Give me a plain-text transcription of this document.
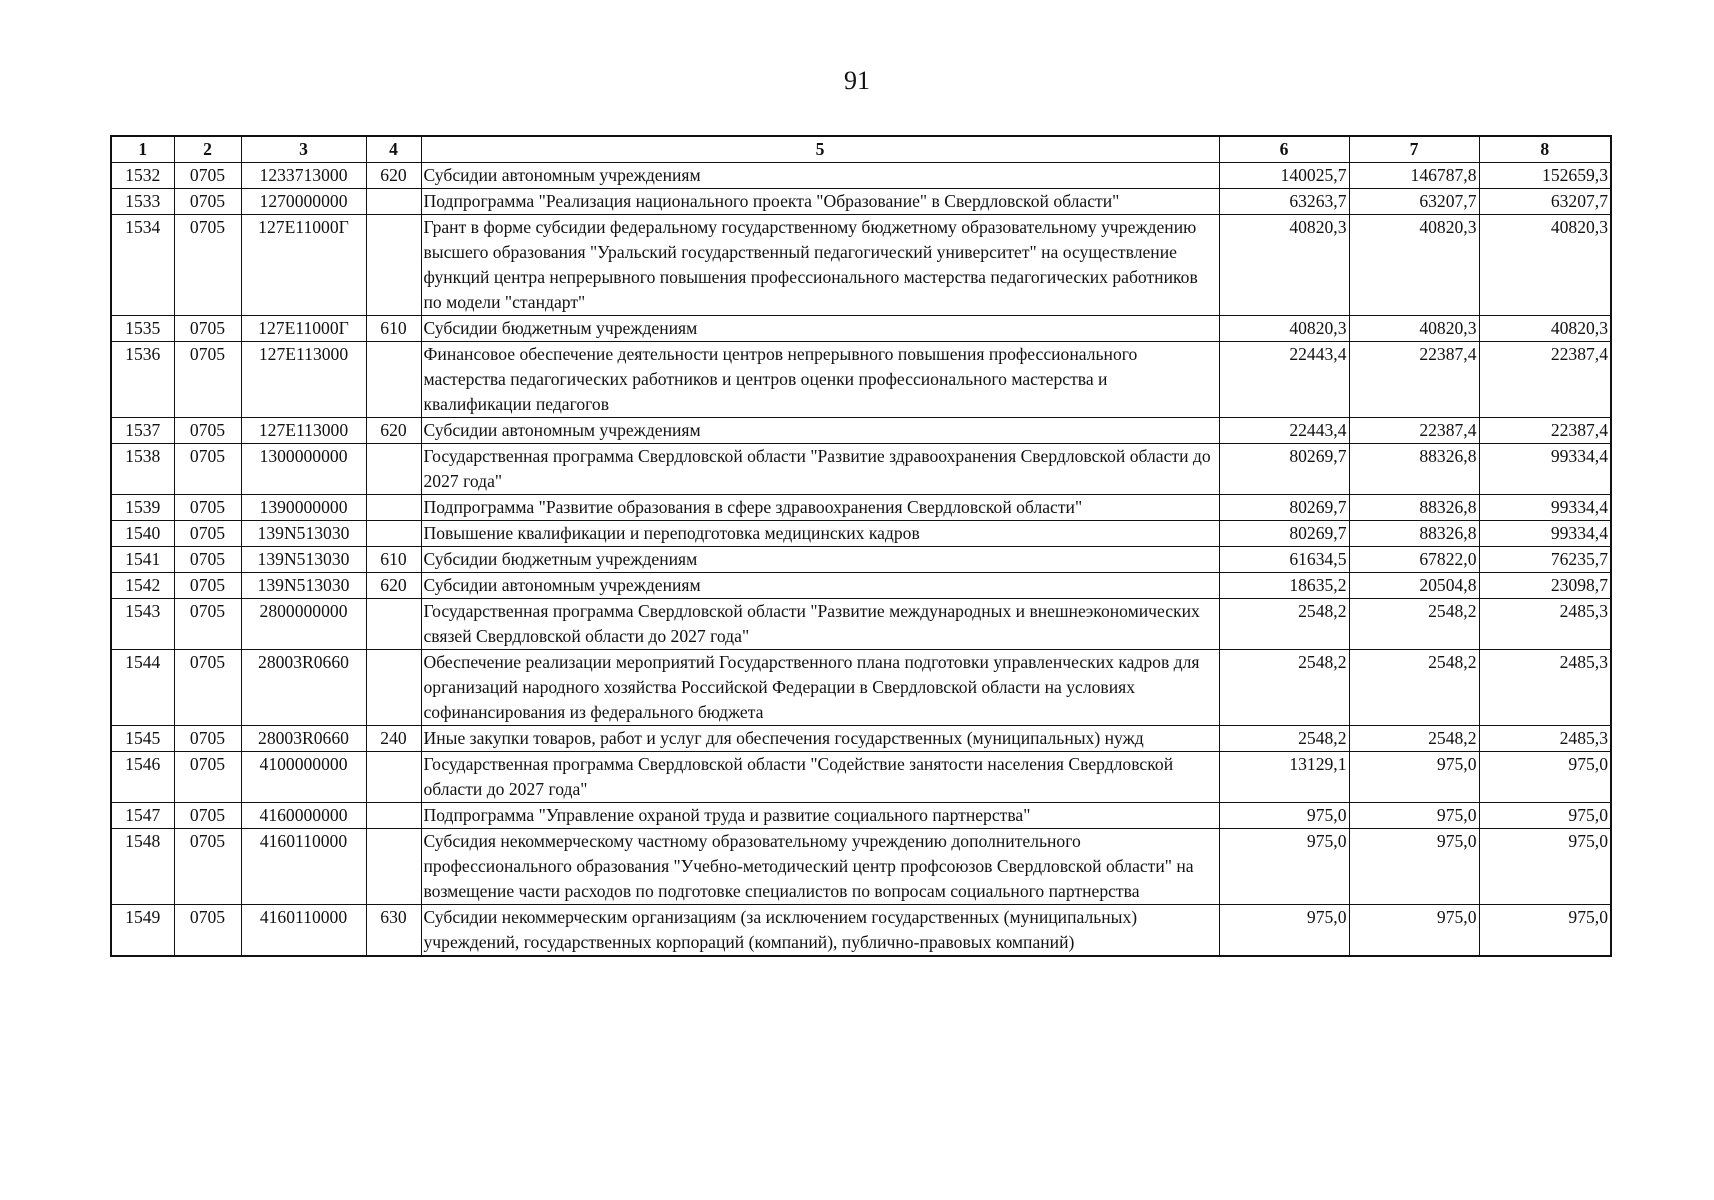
91
1	2	3	4	5	6	7	8
1532	0705	1233713000	620	Субсидии автономным учреждениям	140025,7	146787,8	152659,3
1533	0705	1270000000		Подпрограмма "Реализация национального проекта "Образование" в Свердловской области"	63263,7	63207,7	63207,7
1534	0705	127E11000Г		Грант в форме субсидии федеральному государственному бюджетному образовательному учреждению высшего образования "Уральский государственный педагогический университет" на осуществление функций центра непрерывного повышения профессионального мастерства педагогических работников по модели "стандарт"	40820,3	40820,3	40820,3
1535	0705	127E11000Г	610	Субсидии бюджетным учреждениям	40820,3	40820,3	40820,3
1536	0705	127E113000		Финансовое обеспечение деятельности центров непрерывного повышения профессионального мастерства педагогических работников и центров оценки профессионального мастерства и квалификации педагогов	22443,4	22387,4	22387,4
1537	0705	127E113000	620	Субсидии автономным учреждениям	22443,4	22387,4	22387,4
1538	0705	1300000000		Государственная программа Свердловской области "Развитие здравоохранения Свердловской области до 2027 года"	80269,7	88326,8	99334,4
1539	0705	1390000000		Подпрограмма "Развитие образования в сфере здравоохранения Свердловской области"	80269,7	88326,8	99334,4
1540	0705	139N513030		Повышение квалификации и переподготовка медицинских кадров	80269,7	88326,8	99334,4
1541	0705	139N513030	610	Субсидии бюджетным учреждениям	61634,5	67822,0	76235,7
1542	0705	139N513030	620	Субсидии автономным учреждениям	18635,2	20504,8	23098,7
1543	0705	2800000000		Государственная программа Свердловской области "Развитие международных и внешнеэкономических связей Свердловской области до 2027 года"	2548,2	2548,2	2485,3
1544	0705	28003R0660		Обеспечение реализации мероприятий Государственного плана подготовки управленческих кадров для организаций народного хозяйства Российской Федерации в Свердловской области на условиях софинансирования из федерального бюджета	2548,2	2548,2	2485,3
1545	0705	28003R0660	240	Иные закупки товаров, работ и услуг для обеспечения государственных (муниципальных) нужд	2548,2	2548,2	2485,3
1546	0705	4100000000		Государственная программа Свердловской области "Содействие занятости населения Свердловской области до 2027 года"	13129,1	975,0	975,0
1547	0705	4160000000		Подпрограмма "Управление охраной труда и развитие социального партнерства"	975,0	975,0	975,0
1548	0705	4160110000		Субсидия некоммерческому частному образовательному учреждению дополнительного профессионального образования "Учебно-методический центр профсоюзов Свердловской области" на возмещение части расходов по подготовке специалистов по вопросам социального партнерства	975,0	975,0	975,0
1549	0705	4160110000	630	Субсидии некоммерческим организациям (за исключением государственных (муниципальных) учреждений, государственных корпораций (компаний), публично-правовых компаний)	975,0	975,0	975,0
